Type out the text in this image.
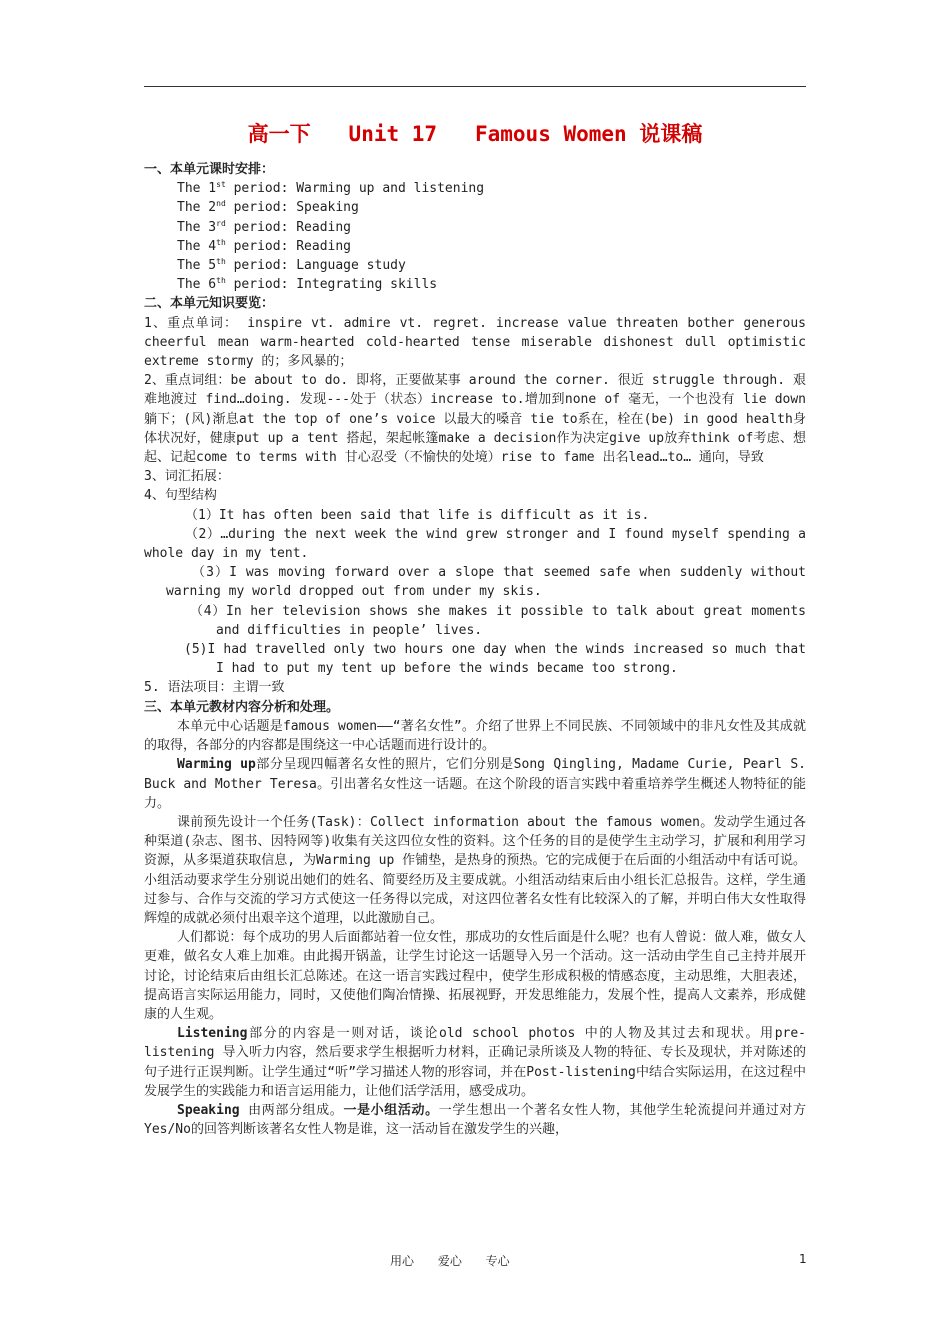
高一下   Unit 17   Famous Women 说课稿
一、本单元课时安排：
The 1st period: Warming up and listening
The 2nd period: Speaking
The 3rd period: Reading
The 4th period: Reading
The 5th period: Language study
The 6th period: Integrating skills
二、本单元知识要览：

1、重点单词： inspire vt. admire vt. regret. increase value threaten bother generous cheerful mean warm-hearted cold-hearted tense miserable dishonest dull optimistic extreme stormy 的；多风暴的；

2、重点词组：be about to do. 即将，正要做某事 around the corner. 很近 struggle through. 艰难地渡过 find…doing. 发现---处于（状态）increase to.增加到none of 毫无，一个也没有 lie down 躺下；(风)渐息at the top of one’s voice 以最大的嗓音 tie to系在，栓在(be) in good health身体状况好，健康put up a tent 搭起，架起帐篷make a decision作为决定give up放弃think of考虑、想起、记起come to terms with 甘心忍受（不愉快的处境）rise to fame 出名lead…to… 通向，导致

3、词汇拓展：

4、句型结构

（1）It has often been said that life is difficult as it is.

（2）…during the next week the wind grew stronger and I found myself spending a whole day in my tent.

（3）I was moving forward over a slope that seemed safe when suddenly without warning my world dropped out from under my skis.

（4）In her television shows she makes it possible to talk about great moments and difficulties in people’ lives.

(5)I had travelled only two hours one day when the winds increased so much that I had to put my tent up before the winds became too strong.

5. 语法项目：主谓一致

三、本单元教材内容分析和处理。

本单元中心话题是famous women——“著名女性”。介绍了世界上不同民族、不同领域中的非凡女性及其成就的取得，各部分的内容都是围绕这一中心话题而进行设计的。

Warming up部分呈现四幅著名女性的照片，它们分别是Song Qingling, Madame Curie, Pearl S. Buck and Mother Teresa。引出著名女性这一话题。在这个阶段的语言实践中着重培养学生概述人物特征的能力。

课前预先设计一个任务(Task)：Collect information about the famous women。发动学生通过各种渠道(杂志、图书、因特网等)收集有关这四位女性的资料。这个任务的目的是使学生主动学习，扩展和利用学习资源，从多渠道获取信息, 为Warming up 作铺垫，是热身的预热。它的完成便于在后面的小组活动中有话可说。小组活动要求学生分别说出她们的姓名、简要经历及主要成就。小组活动结束后由小组长汇总报告。这样，学生通过参与、合作与交流的学习方式使这一任务得以完成，对这四位著名女性有比较深入的了解，并明白伟大女性取得辉煌的成就必须付出艰辛这个道理，以此激励自己。

人们都说：每个成功的男人后面都站着一位女性，那成功的女性后面是什么呢？也有人曾说：做人难，做女人更难，做名女人难上加难。由此揭开锅盖，让学生讨论这一话题导入另一个活动。这一活动由学生自己主持并展开讨论，讨论结束后由组长汇总陈述。在这一语言实践过程中，使学生形成积极的情感态度，主动思维，大胆表述，提高语言实际运用能力，同时，又使他们陶冶情操、拓展视野，开发思维能力，发展个性，提高人文素养，形成健康的人生观。

Listening部分的内容是一则对话，谈论old school photos 中的人物及其过去和现状。用pre-listening 导入听力内容，然后要求学生根据听力材料，正确记录所谈及人物的特征、专长及现状，并对陈述的句子进行正误判断。让学生通过“听”学习描述人物的形容词，并在Post-listening中结合实际运用，在这过程中发展学生的实践能力和语言运用能力，让他们活学活用，感受成功。

Speaking 由两部分组成。一是小组活动。一学生想出一个著名女性人物，其他学生轮流提问并通过对方Yes/No的回答判断该著名女性人物是谁，这一活动旨在激发学生的兴趣，

用心 爱心 专心	1
